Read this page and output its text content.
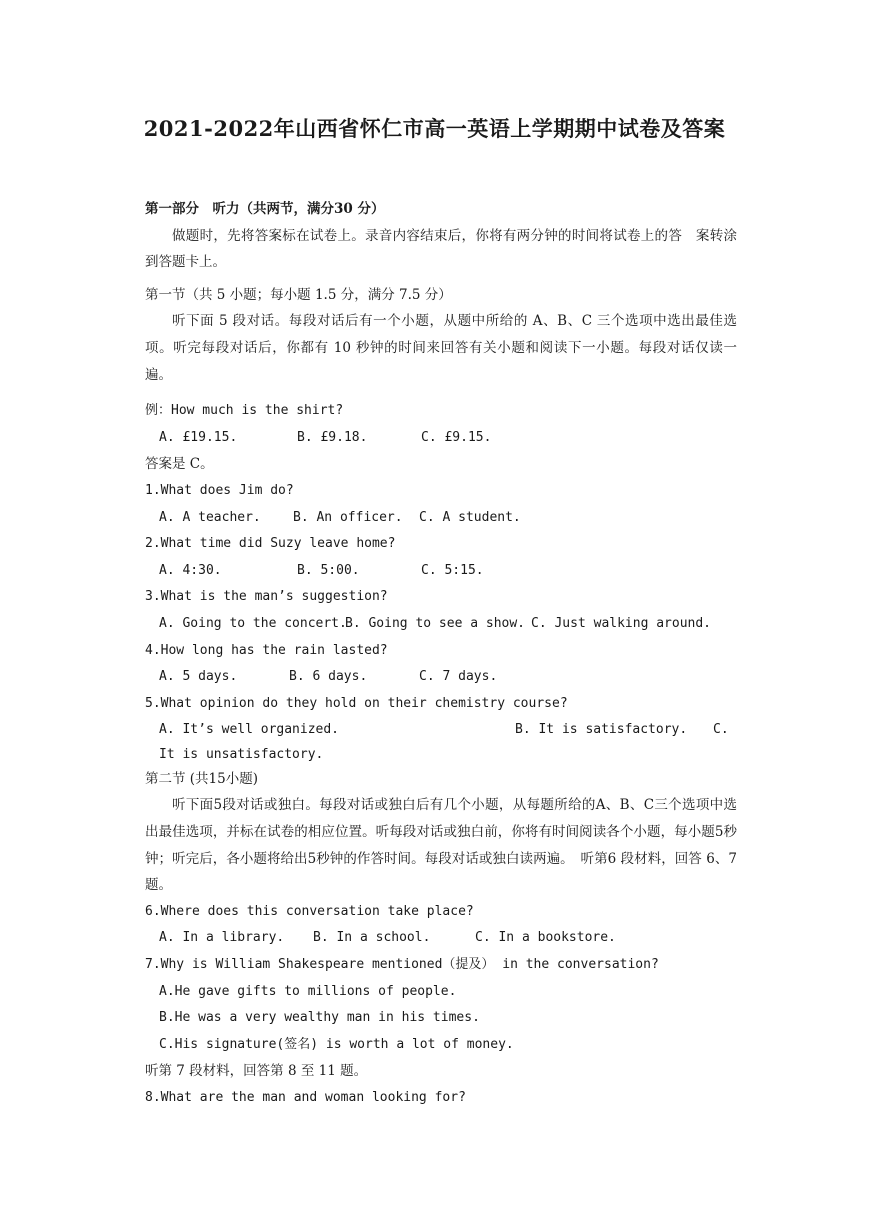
2021-2022年山西省怀仁市高一英语上学期期中试卷及答案
第一部分　听力（共两节，满分30 分）

做题时，先将答案标在试卷上。录音内容结束后，你将有两分钟的时间将试卷上的答　案转涂到答题卡上。

第一节（共 5 小题；每小题 1.5 分，满分 7.5 分）

听下面 5 段对话。每段对话后有一个小题，从题中所给的 A、B、C 三个选项中选出最佳选项。听完每段对话后，你都有 10 秒钟的时间来回答有关小题和阅读下一小题。每段对话仅读一遍。

例：How much is the shirt?
A. £19.15.	B. £9.18.	C. £9.15.
答案是 C。
1.What does Jim do?
A. A teacher. B. An officer. C. A student.
2.What time did Suzy leave home?
A. 4:30.	B. 5:00.	C. 5:15.
3.What is the man’s suggestion?
A. Going to the concert.B. Going to see a show. C. Just walking around.
4.How long has the rain lasted?
A. 5 days.	B. 6 days.	C. 7 days.
5.What opinion do they hold on their chemistry course?
A. It’s well organized.	B. It is satisfactory. C.
It is unsatisfactory.
第二节 (共15小题)

听下面5段对话或独白。每段对话或独白后有几个小题，从每题所给的A、B、C三个选项中选出最佳选项，并标在试卷的相应位置。听每段对话或独白前，你将有时间阅读各个小题，每小题5秒钟；听完后，各小题将给出5秒钟的作答时间。每段对话或独白读两遍。　听第6 段材料，回答 6、7 题。

6.Where does this conversation take place?
A. In a library. B. In a school.	C. In a bookstore.
7.Why is William Shakespeare mentioned（提及） in the conversation?
A.He gave gifts to millions of people.
B.He was a very wealthy man in his times.
C.His signature(签名) is worth a lot of money.
听第 7 段材料，回答第 8 至 11 题。
8.What are the man and woman looking for?
